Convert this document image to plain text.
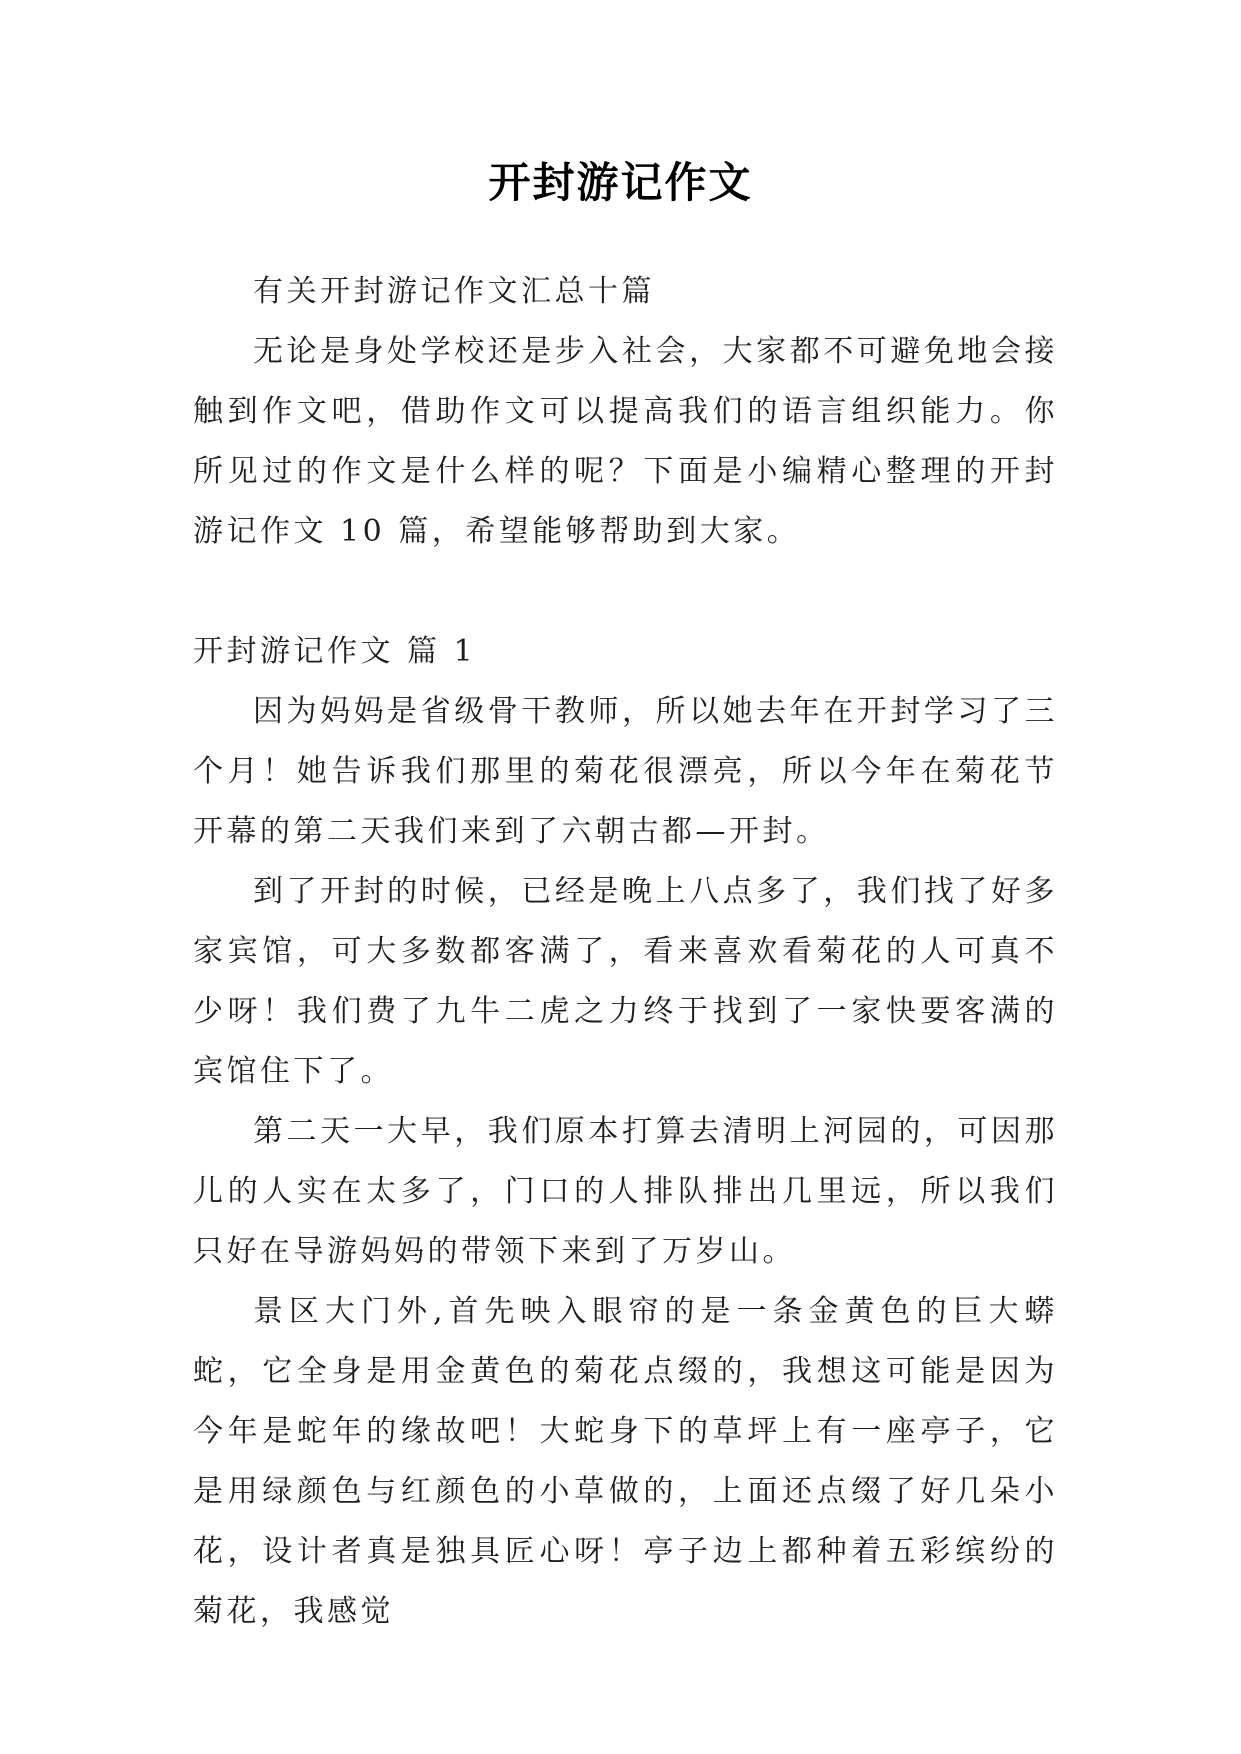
开封游记作文

有关开封游记作文汇总十篇

无论是身处学校还是步入社会，大家都不可避免地会接触到作文吧，借助作文可以提高我们的语言组织能力。你所见过的作文是什么样的呢？下面是小编精心整理的开封游记作文 10 篇，希望能够帮助到大家。

开封游记作文 篇 1

因为妈妈是省级骨干教师，所以她去年在开封学习了三个月！她告诉我们那里的菊花很漂亮，所以今年在菊花节开幕的第二天我们来到了六朝古都—开封。

到了开封的时候，已经是晚上八点多了，我们找了好多家宾馆，可大多数都客满了，看来喜欢看菊花的人可真不少呀！我们费了九牛二虎之力终于找到了一家快要客满的宾馆住下了。

第二天一大早，我们原本打算去清明上河园的，可因那儿的人实在太多了，门口的人排队排出几里远，所以我们只好在导游妈妈的带领下来到了万岁山。

景区大门外,首先映入眼帘的是一条金黄色的巨大蟒蛇，它全身是用金黄色的菊花点缀的，我想这可能是因为今年是蛇年的缘故吧！大蛇身下的草坪上有一座亭子，它是用绿颜色与红颜色的小草做的，上面还点缀了好几朵小花，设计者真是独具匠心呀！亭子边上都种着五彩缤纷的菊花，我感觉
